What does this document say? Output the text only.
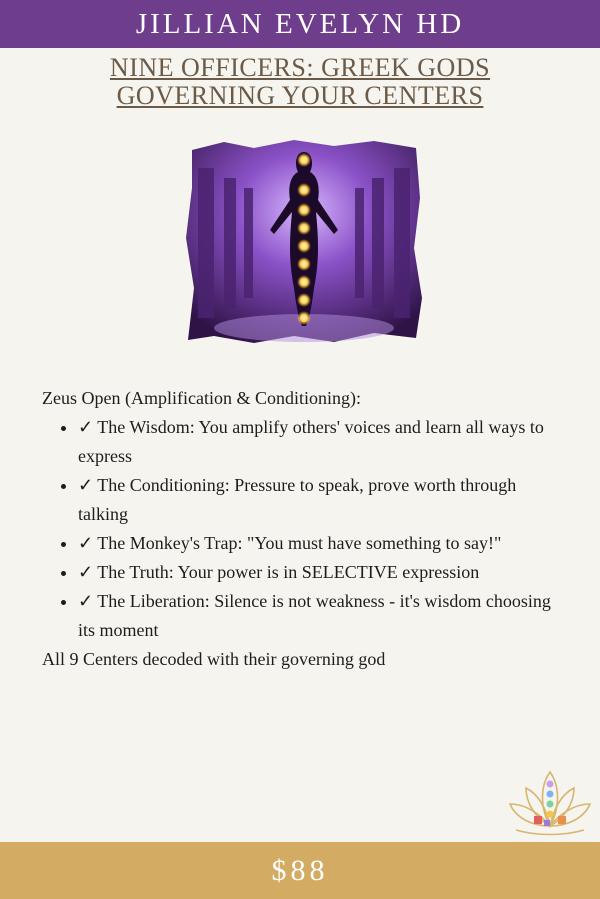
JILLIAN EVELYN HD
NINE OFFICERS: GREEK GODS
GOVERNING YOUR CENTERS

Zeus Open (Amplification & Conditioning):

• ✓ The Wisdom: You amplify others' voices and learn all ways to express
• ✓ The Conditioning: Pressure to speak, prove worth through talking
• ✓ The Monkey's Trap: "You must have something to say!"
• ✓ The Truth: Your power is in SELECTIVE expression
• ✓ The Liberation: Silence is not weakness - it's wisdom choosing its moment

All 9 Centers decoded with their governing god

$88
